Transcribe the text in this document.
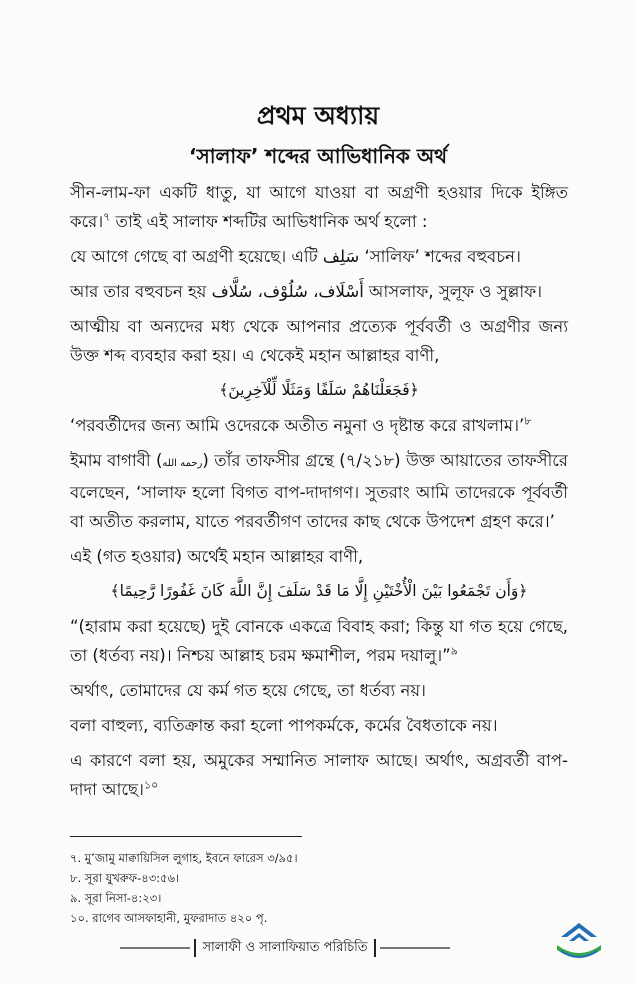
প্রথম অধ্যায়
‘সালাফ’ শব্দের আভিধানিক অর্থ

সীন-লাম-ফা একটি ধাতু, যা আগে যাওয়া বা অগ্রণী হওয়ার দিকে ইঙ্গিত করে।$^৭$ তাই এই সালাফ শব্দটির আভিধানিক অর্থ হলো :

যে আগে গেছে বা অগ্রণী হয়েছে। এটি سَلِف ‘সালিফ’ শব্দের বহুবচন।

আর তার বহুবচন হয় أَسْلَاف، سُلُوْف، سُلَّاف আসলাফ, সুলূফ ও সুল্লাফ।

আত্মীয় বা অন্যদের মধ্য থেকে আপনার প্রত্যেক পূর্ববর্তী ও অগ্রণীর জন্য উক্ত শব্দ ব্যবহার করা হয়। এ থেকেই মহান আল্লাহর বাণী,

﴿فَجَعَلْنَاهُمْ سَلَفًا وَمَثَلًا لِّلْآخِرِينَ﴾

‘পরবর্তীদের জন্য আমি ওদেরকে অতীত নমুনা ও দৃষ্টান্ত করে রাখলাম।’$^৮$

ইমাম বাগাবী (رحمه الله) তাঁর তাফসীর গ্রন্থে (৭/২১৮) উক্ত আয়াতের তাফসীরে বলেছেন, ‘সালাফ হলো বিগত বাপ-দাদাগণ। সুতরাং আমি তাদেরকে পূর্ববর্তী বা অতীত করলাম, যাতে পরবর্তীগণ তাদের কাছ থেকে উপদেশ গ্রহণ করে।’

এই (গত হওয়ার) অর্থেই মহান আল্লাহর বাণী,

﴿وَأَن تَجْمَعُوا بَيْنَ الْأُخْتَيْنِ إِلَّا مَا قَدْ سَلَفَ إِنَّ اللَّهَ كَانَ غَفُورًا رَّحِيمًا﴾

“(হারাম করা হয়েছে) দুই বোনকে একত্রে বিবাহ করা; কিন্তু যা গত হয়ে গেছে, তা (ধর্তব্য নয়)। নিশ্চয় আল্লাহ চরম ক্ষমাশীল, পরম দয়ালু।”$^৯$

অর্থাৎ, তোমাদের যে কর্ম গত হয়ে গেছে, তা ধর্তব্য নয়।

বলা বাহুল্য, ব্যতিক্রান্ত করা হলো পাপকর্মকে, কর্মের বৈধতাকে নয়।

এ কারণে বলা হয়, অমুকের সম্মানিত সালাফ আছে। অর্থাৎ, অগ্রবর্তী বাপ-দাদা আছে।$^{১০}$

৭. মু’জামু মাক্বায়িসিল লুগাহ, ইবনে ফারেস ৩/৯৫।
৮. সূরা যুখরুফ-৪৩:৫৬।
৯. সূরা নিসা-৪:২৩।
১০. রাগেব আসফাহানী, মুফরাদাত ৪২০ পৃ.
সালাফী ও সালাফিয়াত পরিচিতি
